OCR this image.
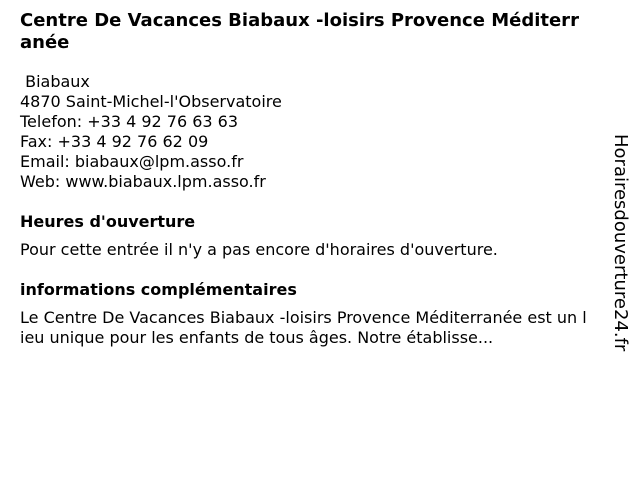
Centre De Vacances Biabaux -loisirs Provence Méditerranée
Biabaux
4870 Saint-Michel-l'Observatoire
Telefon: +33 4 92 76 63 63
Fax: +33 4 92 76 62 09
Email: biabaux@lpm.asso.fr
Web: www.biabaux.lpm.asso.fr
Heures d'ouverture
Pour cette entrée il n'y a pas encore d'horaires d'ouverture.
informations complémentaires
Le Centre De Vacances Biabaux -loisirs Provence Méditerranée est un lieu unique pour les enfants de tous âges. Notre établisse...	Horairesdouverture24.fr
